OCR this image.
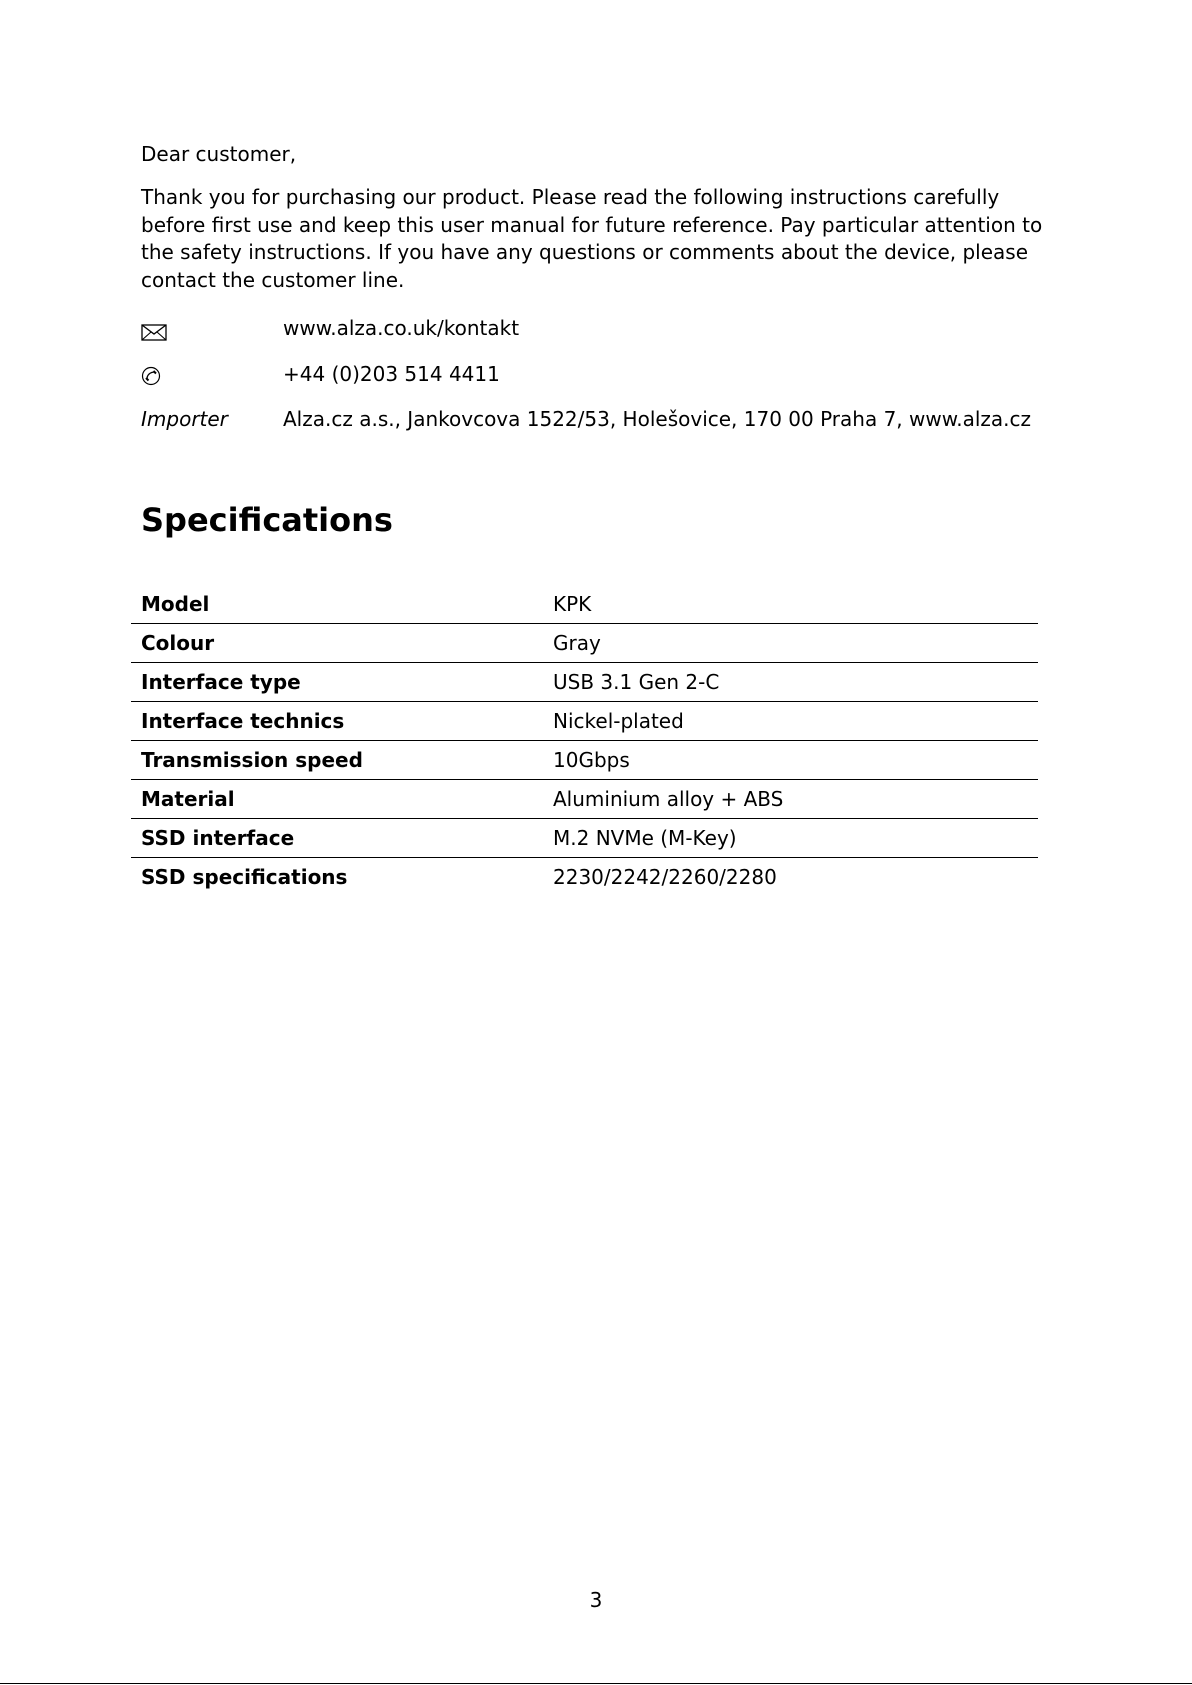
Dear customer,

Thank you for purchasing our product. Please read the following instructions carefully before first use and keep this user manual for future reference. Pay particular attention to the safety instructions. If you have any questions or comments about the device, please contact the customer line.

www.alza.co.uk/kontakt
+44 (0)203 514 4411
Importer	Alza.cz a.s., Jankovcova 1522/53, Holešovice, 170 00 Praha 7, www.alza.cz
Specifications
Model	KPK
Colour	Gray
Interface type	USB 3.1 Gen 2-C
Interface technics	Nickel-plated
Transmission speed	10Gbps
Material	Aluminium alloy + ABS
SSD interface	M.2 NVMe (M-Key)
SSD specifications	2230/2242/2260/2280
3
